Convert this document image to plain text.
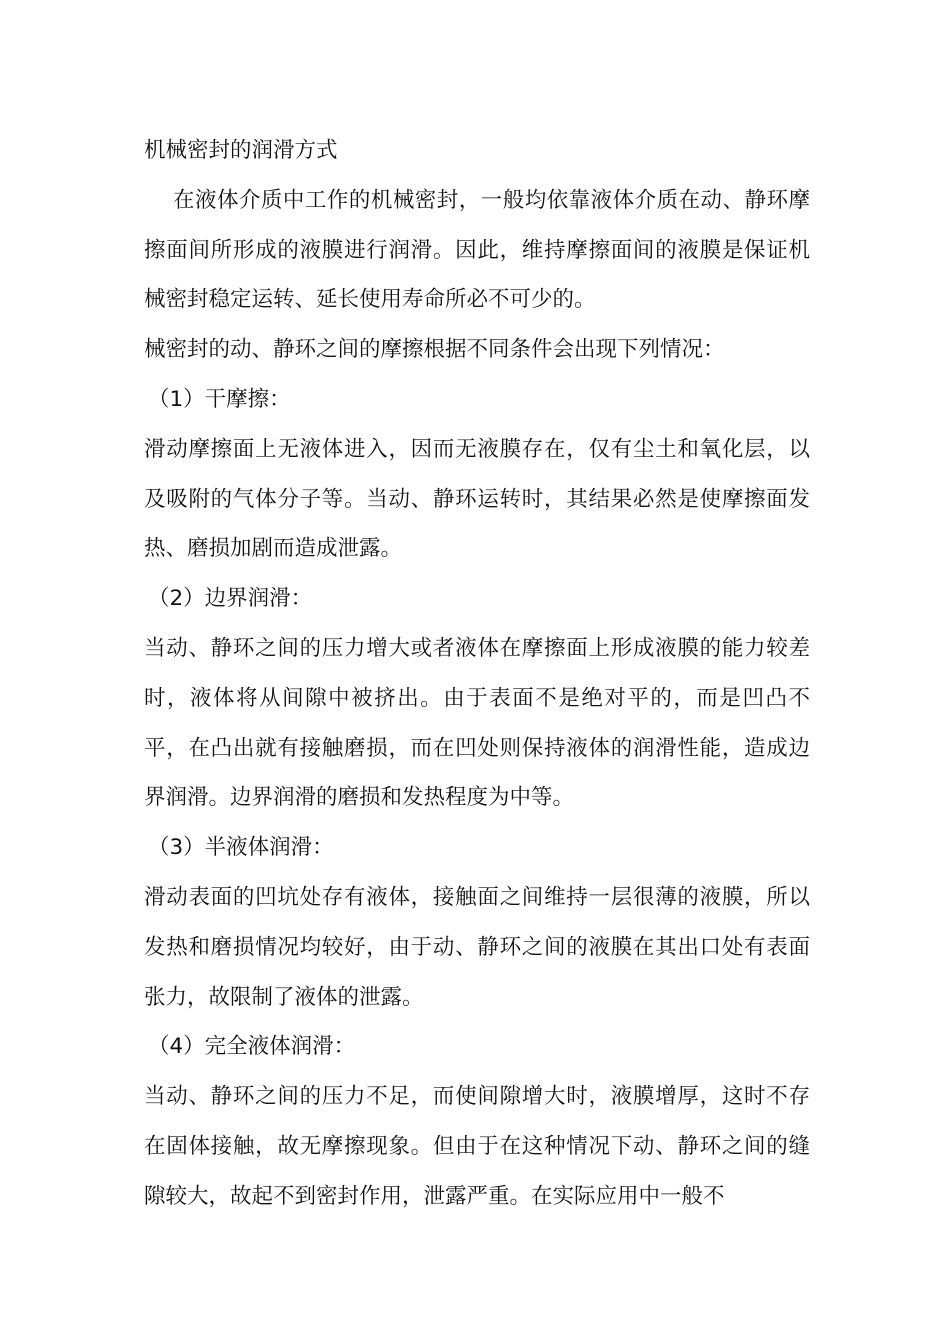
机械密封的润滑方式

在液体介质中工作的机械密封，一般均依靠液体介质在动、静环摩擦面间所形成的液膜进行润滑。因此，维持摩擦面间的液膜是保证机械密封稳定运转、延长使用寿命所必不可少的。

械密封的动、静环之间的摩擦根据不同条件会出现下列情况：

（1）干摩擦：

滑动摩擦面上无液体进入，因而无液膜存在，仅有尘土和氧化层，以及吸附的气体分子等。当动、静环运转时，其结果必然是使摩擦面发热、磨损加剧而造成泄露。

（2）边界润滑：

当动、静环之间的压力增大或者液体在摩擦面上形成液膜的能力较差时，液体将从间隙中被挤出。由于表面不是绝对平的，而是凹凸不平，在凸出就有接触磨损，而在凹处则保持液体的润滑性能，造成边界润滑。边界润滑的磨损和发热程度为中等。

（3）半液体润滑：

滑动表面的凹坑处存有液体，接触面之间维持一层很薄的液膜，所以发热和磨损情况均较好，由于动、静环之间的液膜在其出口处有表面张力，故限制了液体的泄露。

（4）完全液体润滑：

当动、静环之间的压力不足，而使间隙增大时，液膜增厚，这时不存在固体接触，故无摩擦现象。但由于在这种情况下动、静环之间的缝隙较大，故起不到密封作用，泄露严重。在实际应用中一般不
